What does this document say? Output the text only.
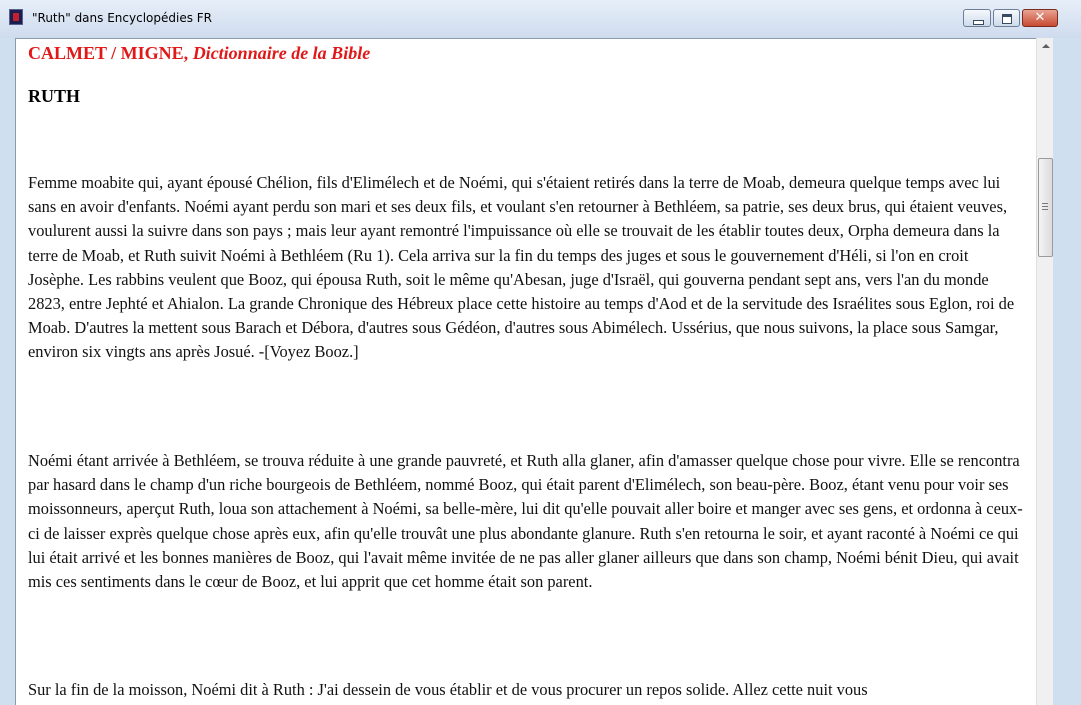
"Ruth" dans Encyclopédies FR	✕
CALMET / MIGNE, Dictionnaire de la Bible
RUTH

Femme moabite qui, ayant épousé Chélion, fils d'Elimélech et de Noémi, qui s'étaient retirés dans la terre de Moab, demeura quelque temps avec lui sans en avoir d'enfants. Noémi ayant perdu son mari et ses deux fils, et voulant s'en retourner à Bethléem, sa patrie, ses deux brus, qui étaient veuves, voulurent aussi la suivre dans son pays ; mais leur ayant remontré l'impuissance où elle se trouvait de les établir toutes deux, Orpha demeura dans la terre de Moab, et Ruth suivit Noémi à Bethléem (Ru 1). Cela arriva sur la fin du temps des juges et sous le gouvernement d'Héli, si l'on en croit Josèphe. Les rabbins veulent que Booz, qui épousa Ruth, soit le même qu'Abesan, juge d'Israël, qui gouverna pendant sept ans, vers l'an du monde 2823, entre Jephté et Ahialon. La grande Chronique des Hébreux place cette histoire au temps d'Aod et de la servitude des Israélites sous Eglon, roi de Moab. D'autres la mettent sous Barach et Débora, d'autres sous Gédéon, d'autres sous Abimélech. Ussérius, que nous suivons, la place sous Samgar, environ six vingts ans après Josué. -[Voyez Booz.]

Noémi étant arrivée à Bethléem, se trouva réduite à une grande pauvreté, et Ruth alla glaner, afin d'amasser quelque chose pour vivre. Elle se rencontra par hasard dans le champ d'un riche bourgeois de Bethléem, nommé Booz, qui était parent d'Elimélech, son beau-père. Booz, étant venu pour voir ses moissonneurs, aperçut Ruth, loua son attachement à Noémi, sa belle-mère, lui dit qu'elle pouvait aller boire et manger avec ses gens, et ordonna à ceux-ci de laisser exprès quelque chose après eux, afin qu'elle trouvât une plus abondante glanure. Ruth s'en retourna le soir, et ayant raconté à Noémi ce qui lui était arrivé et les bonnes manières de Booz, qui l'avait même invitée de ne pas aller glaner ailleurs que dans son champ, Noémi bénit Dieu, qui avait mis ces sentiments dans le cœur de Booz, et lui apprit que cet homme était son parent.

Sur la fin de la moisson, Noémi dit à Ruth : J'ai dessein de vous établir et de vous procurer un repos solide. Allez cette nuit vous
